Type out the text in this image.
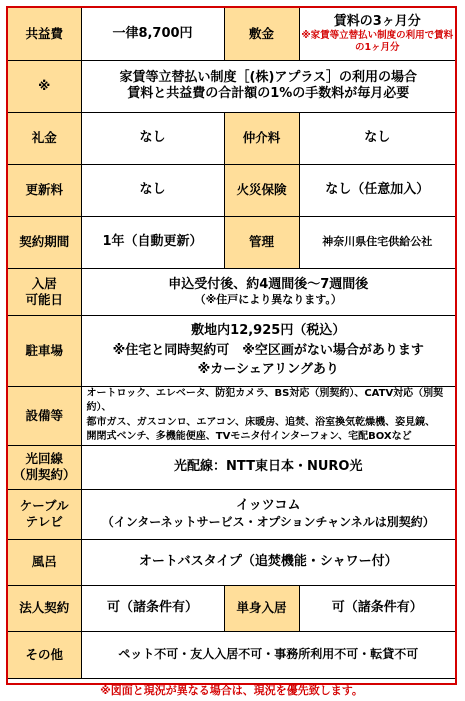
共益費	一律8,700円	敷金	賃料の3ヶ月分
※家賃等立替払い制度の利用で賃料の1ヶ月分

※	家賃等立替払い制度［(株)アプラス］の利用の場合
賃料と共益費の合計額の1%の手数料が毎月必要		

礼金	なし	仲介料	なし
更新料	なし	火災保険	なし（任意加入）
契約期間	1年（自動更新）	管理	神奈川県住宅供給公社

入居
可能日	申込受付後、約4週間後～7週間後
（※住戸により異なります。）		

駐車場	敷地内12,925円（税込）
※住宅と同時契約可　※空区画がない場合があります
※カーシェアリングあり		

設備等	オートロック、エレベータ、防犯カメラ、BS対応（別契約）、CATV対応（別契約）、
都市ガス、ガスコンロ、エアコン、床暖房、追焚、浴室換気乾燥機、姿見鏡、
開閉式ベンチ、多機能便座、TVモニタ付インターフォン、宅配BOXなど		

光回線
（別契約）	光配線：NTT東日本・NURO光		

ケーブル
テレビ	イッツコム
（インターネットサービス・オプションチャンネルは別契約）		

風呂	オートバスタイプ（追焚機能・シャワー付）		
法人契約	可（諸条件有）	単身入居	可（諸条件有）
その他	ペット不可・友人入居不可・事務所利用不可・転貸不可		
※図面と現況が異なる場合は、現況を優先致します。			
